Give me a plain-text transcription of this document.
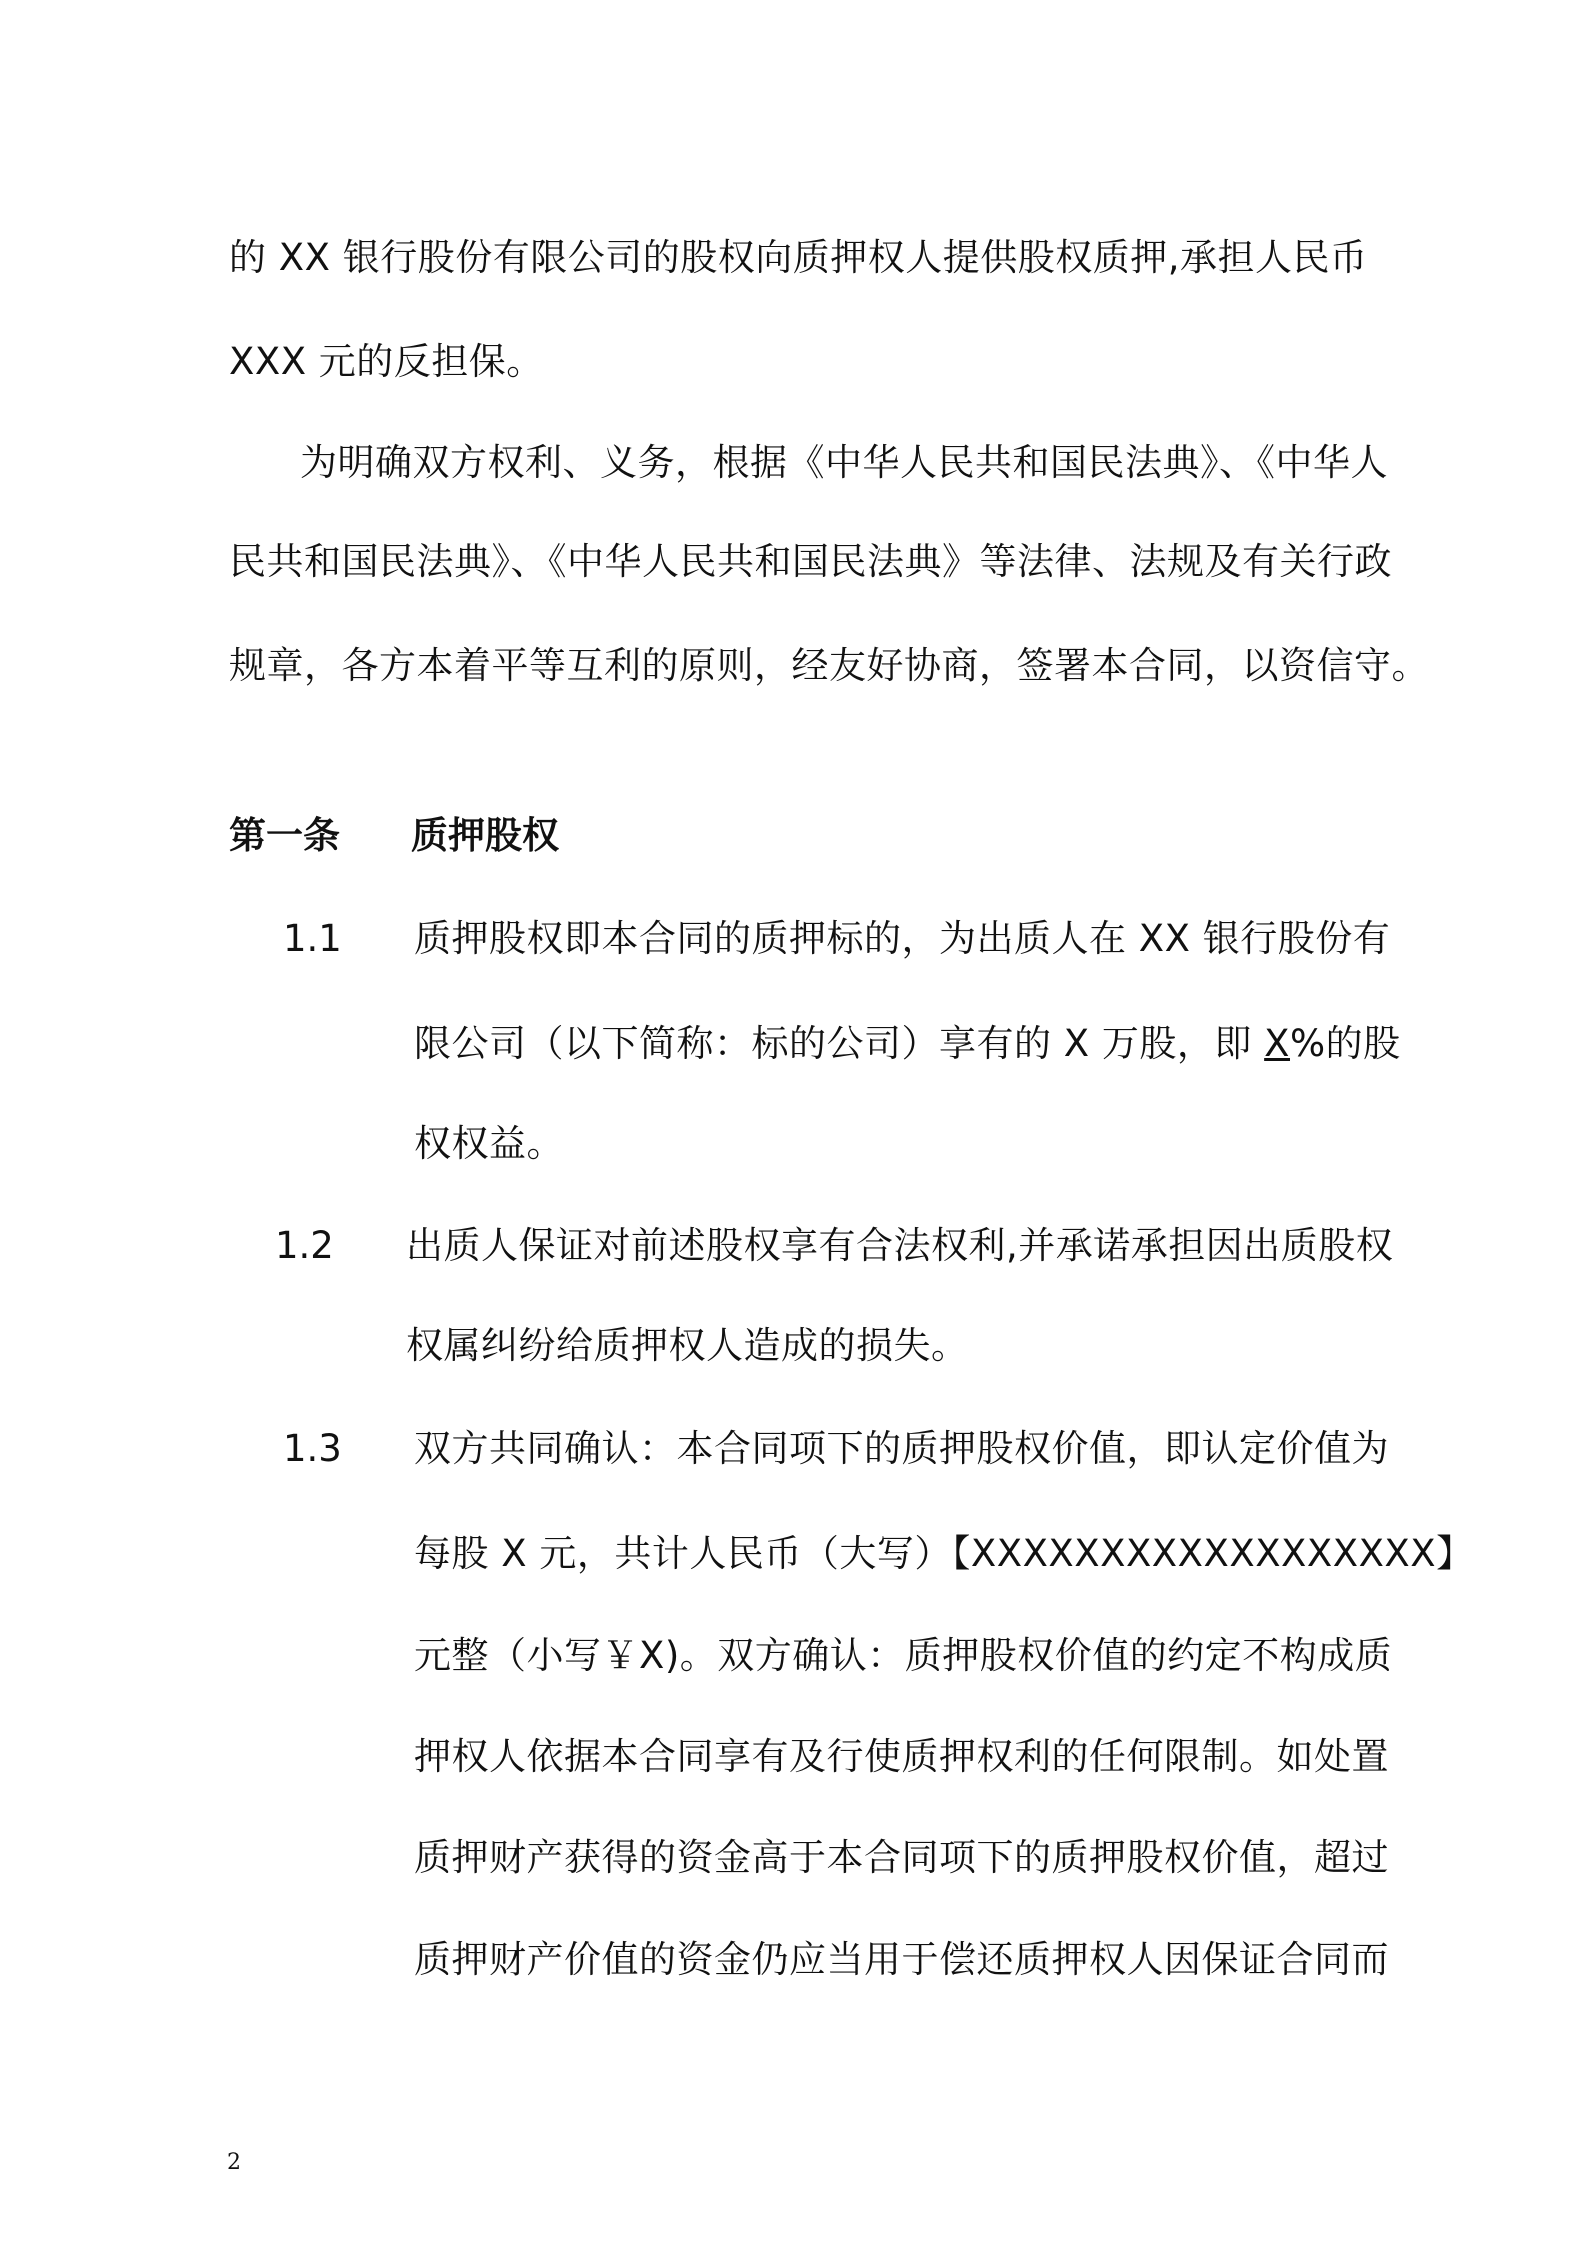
的 XX 银行股份有限公司的股权向质押权人提供股权质押,承担人民币
XXX 元的反担保。
为明确双方权利、义务，根据《中华人民共和国民法典》、《中华人
民共和国民法典》、《中华人民共和国民法典》等法律、法规及有关行政
规章，各方本着平等互利的原则，经友好协商，签署本合同，以资信守。
第一条 质押股权
1.1 质押股权即本合同的质押标的，为出质人在 XX 银行股份有
限公司（以下简称：标的公司）享有的 X 万股，即 X%的股
权权益。
1.2 出质人保证对前述股权享有合法权利,并承诺承担因出质股权
权属纠纷给质押权人造成的损失。
1.3 双方共同确认：本合同项下的质押股权价值，即认定价值为
每股 X 元，共计人民币（大写）【XXXXXXXXXXXXXXXXXX】
元整（小写￥X)。双方确认：质押股权价值的约定不构成质
押权人依据本合同享有及行使质押权利的任何限制。如处置
质押财产获得的资金高于本合同项下的质押股权价值，超过
质押财产价值的资金仍应当用于偿还质押权人因保证合同而
2
